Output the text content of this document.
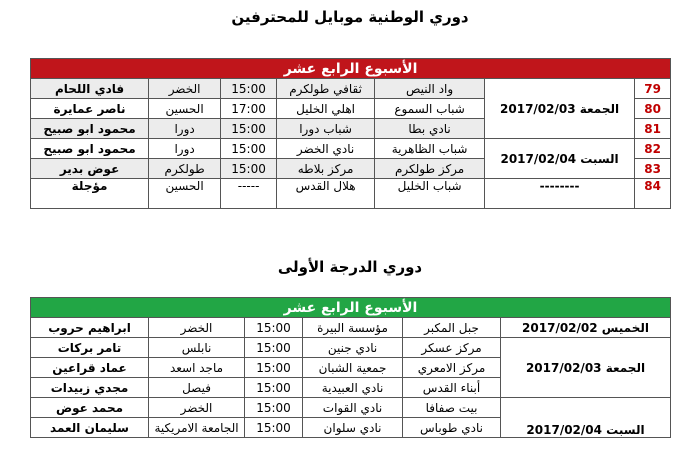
دوري الوطنية موبايل للمحترفين
الأسبوع الرابع عشر						
79	الجمعة 2017/02/03	واد النيص	ثقافي طولكرم	15:00	الخضر	فادي اللحام
80		شباب السموع	اهلي الخليل	17:00	الحسين	ناصر عمايرة
81		نادي بطا	شباب دورا	15:00	دورا	محمود ابو صبيح
82	السبت 2017/02/04	شباب الظاهرية	نادي الخضر	15:00	دورا	محمود ابو صبيح
83		مركز طولكرم	مركز بلاطه	15:00	طولكرم	عوض بدير
84	--------	شباب الخليل	هلال القدس	-----	الحسين	مؤجلة
دوري الدرجة الأولى
الأسبوع الرابع عشر					
الخميس 2017/02/02	جبل المكبر	مؤسسة البيرة	15:00	الخضر	ابراهيم حروب
الجمعة 2017/02/03	مركز عسكر	نادي جنين	15:00	نابلس	تامر بركات
	مركز الامعري	جمعية الشبان	15:00	ماجد اسعد	عماد قراعين
	أبناء القدس	نادي العبيدية	15:00	فيصل	مجدي زبيدات
السبت 2017/02/04	بيت صفافا	نادي القوات	15:00	الخضر	محمد عوض
	نادي طوباس	نادي سلوان	15:00	الجامعة الامريكية	سليمان العمد
